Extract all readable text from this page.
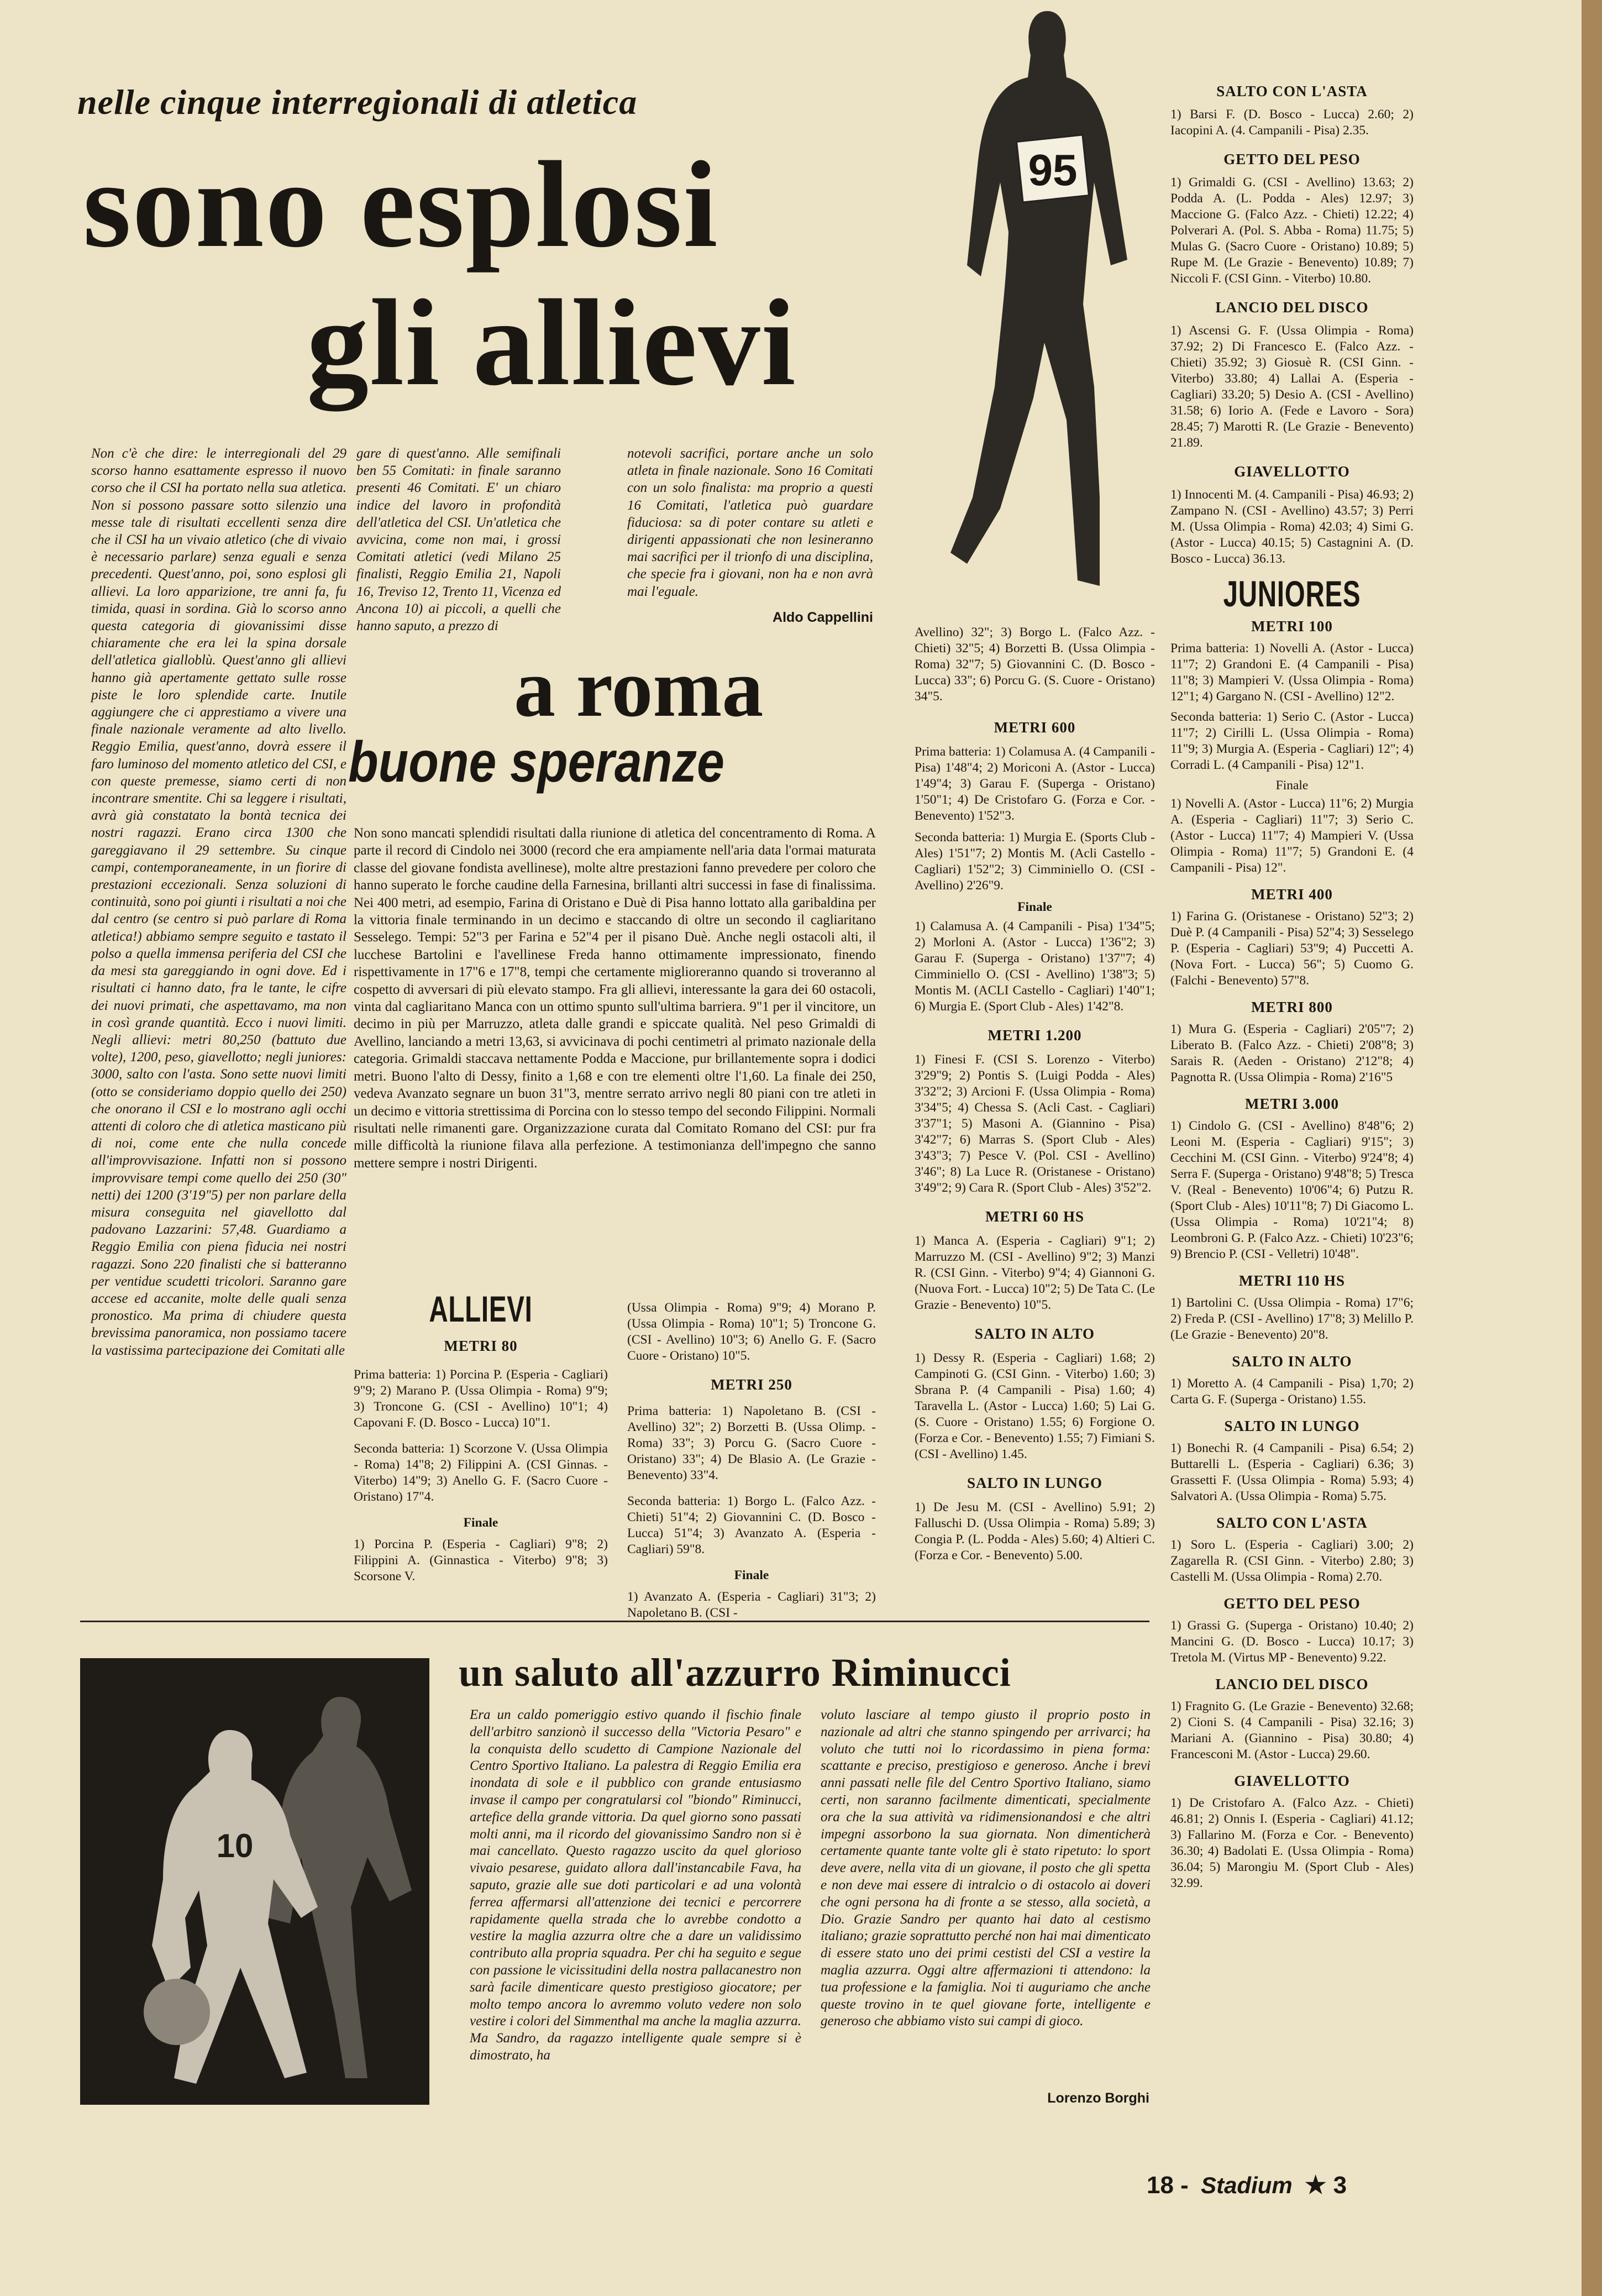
nelle cinque interregionali di atletica
sono esplosi
gli allievi
95

Non c'è che dire: le interregionali del 29 scorso hanno esattamente espresso il nuovo corso che il CSI ha portato nella sua atletica. Non si possono passare sotto silenzio una messe tale di risultati eccellenti senza dire che il CSI ha un vivaio atletico (che di vivaio è necessario parlare) senza eguali e senza precedenti. Quest'anno, poi, sono esplosi gli allievi. La loro apparizione, tre anni fa, fu timida, quasi in sordina. Già lo scorso anno questa categoria di giovanissimi disse chiaramente che era lei la spina dorsale dell'atletica gialloblù. Quest'anno gli allievi hanno già apertamente gettato sulle rosse piste le loro splendide carte. Inutile aggiungere che ci apprestiamo a vivere una finale nazionale veramente ad alto livello. Reggio Emilia, quest'anno, dovrà essere il faro luminoso del momento atletico del CSI, e con queste premesse, siamo certi di non incontrare smentite. Chi sa leggere i risultati, avrà già constatato la bontà tecnica dei nostri ragazzi. Erano circa 1300 che gareggiavano il 29 settembre. Su cinque campi, contemporaneamente, in un fiorire di prestazioni eccezionali. Senza soluzioni di continuità, sono poi giunti i risultati a noi che dal centro (se centro si può parlare di Roma atletica!) abbiamo sempre seguito e tastato il polso a quella immensa periferia del CSI che da mesi sta gareggiando in ogni dove. Ed i risultati ci hanno dato, fra le tante, le cifre dei nuovi primati, che aspettavamo, ma non in così grande quantità. Ecco i nuovi limiti. Negli allievi: metri 80,250 (battuto due volte), 1200, peso, giavellotto; negli juniores: 3000, salto con l'asta. Sono sette nuovi limiti (otto se consideriamo doppio quello dei 250) che onorano il CSI e lo mostrano agli occhi attenti di coloro che di atletica masticano più di noi, come ente che nulla concede all'improvvisazione. Infatti non si possono improvvisare tempi come quello dei 250 (30" netti) dei 1200 (3'19"5) per non parlare della misura conseguita nel giavellotto dal padovano Lazzarini: 57,48. Guardiamo a Reggio Emilia con piena fiducia nei nostri ragazzi. Sono 220 finalisti che si batteranno per ventidue scudetti tricolori. Saranno gare accese ed accanite, molte delle quali senza pronostico. Ma prima di chiudere questa brevissima panoramica, non possiamo tacere la vastissima partecipazione dei Comitati alle

gare di quest'anno. Alle semifinali ben 55 Comitati: in finale saranno presenti 46 Comitati. E' un chiaro indice del lavoro in profondità dell'atletica del CSI. Un'atletica che avvicina, come non mai, i grossi Comitati atletici (vedi Milano 25 finalisti, Reggio Emilia 21, Napoli 16, Treviso 12, Trento 11, Vicenza ed Ancona 10) ai piccoli, a quelli che hanno saputo, a prezzo di

notevoli sacrifici, portare anche un solo atleta in finale nazionale. Sono 16 Comitati con un solo finalista: ma proprio a questi 16 Comitati, l'atletica può guardare fiduciosa: sa di poter contare su atleti e dirigenti appassionati che non lesineranno mai sacrifici per il trionfo di una disciplina, che specie fra i giovani, non ha e non avrà mai l'eguale.

Aldo Cappellini
a roma
buone speranze

Non sono mancati splendidi risultati dalla riunione di atletica del concentramento di Roma. A parte il record di Cindolo nei 3000 (record che era ampiamente nell'aria data l'ormai maturata classe del giovane fondista avellinese), molte altre prestazioni fanno prevedere per coloro che hanno superato le forche caudine della Farnesina, brillanti altri successi in fase di finalissima. Nei 400 metri, ad esempio, Farina di Oristano e Duè di Pisa hanno lottato alla garibaldina per la vittoria finale terminando in un decimo e staccando di oltre un secondo il cagliaritano Sesselego. Tempi: 52"3 per Farina e 52"4 per il pisano Duè. Anche negli ostacoli alti, il lucchese Bartolini e l'avellinese Freda hanno ottimamente impressionato, finendo rispettivamente in 17"6 e 17"8, tempi che certamente miglioreranno quando si troveranno al cospetto di avversari di più elevato stampo. Fra gli allievi, interessante la gara dei 60 ostacoli, vinta dal cagliaritano Manca con un ottimo spunto sull'ultima barriera. 9"1 per il vincitore, un decimo in più per Marruzzo, atleta dalle grandi e spiccate qualità. Nel peso Grimaldi di Avellino, lanciando a metri 13,63, si avvicinava di pochi centimetri al primato nazionale della categoria. Grimaldi staccava nettamente Podda e Maccione, pur brillantemente sopra i dodici metri. Buono l'alto di Dessy, finito a 1,68 e con tre elementi oltre l'1,60. La finale dei 250, vedeva Avanzato segnare un buon 31"3, mentre serrato arrivo negli 80 piani con tre atleti in un decimo e vittoria strettissima di Porcina con lo stesso tempo del secondo Filippini. Normali risultati nelle rimanenti gare. Organizzazione curata dal Comitato Romano del CSI: pur fra mille difficoltà la riunione filava alla perfezione. A testimonianza dell'impegno che sanno mettere sempre i nostri Dirigenti.

ALLIEVI
METRI 80

Prima batteria: 1) Porcina P. (Esperia - Cagliari) 9"9; 2) Marano P. (Ussa Olimpia - Roma) 9"9; 3) Troncone G. (CSI - Avellino) 10"1; 4) Capovani F. (D. Bosco - Lucca) 10"1.

Seconda batteria: 1) Scorzone V. (Ussa Olimpia - Roma) 14"8; 2) Filippini A. (CSI Ginnas. - Viterbo) 14"9; 3) Anello G. F. (Sacro Cuore - Oristano) 17"4.

Finale

1) Porcina P. (Esperia - Cagliari) 9"8; 2) Filippini A. (Ginnastica - Viterbo) 9"8; 3) Scorsone V.

(Ussa Olimpia - Roma) 9"9; 4) Morano P. (Ussa Olimpia - Roma) 10"1; 5) Troncone G. (CSI - Avellino) 10"3; 6) Anello G. F. (Sacro Cuore - Oristano) 10"5.

METRI 250

Prima batteria: 1) Napoletano B. (CSI - Avellino) 32"; 2) Borzetti B. (Ussa Olimp. - Roma) 33"; 3) Porcu G. (Sacro Cuore - Oristano) 33"; 4) De Blasio A. (Le Grazie - Benevento) 33"4.

Seconda batteria: 1) Borgo L. (Falco Azz. - Chieti) 51"4; 2) Giovannini C. (D. Bosco - Lucca) 51"4; 3) Avanzato A. (Esperia - Cagliari) 59"8.

Finale

1) Avanzato A. (Esperia - Cagliari) 31"3; 2) Napoletano B. (CSI -

Avellino) 32"; 3) Borgo L. (Falco Azz. - Chieti) 32"5; 4) Borzetti B. (Ussa Olimpia - Roma) 32"7; 5) Giovannini C. (D. Bosco - Lucca) 33"; 6) Porcu G. (S. Cuore - Oristano) 34"5.

METRI 600

Prima batteria: 1) Colamusa A. (4 Campanili - Pisa) 1'48"4; 2) Moriconi A. (Astor - Lucca) 1'49"4; 3) Garau F. (Superga - Oristano) 1'50"1; 4) De Cristofaro G. (Forza e Cor. - Benevento) 1'52"3.

Seconda batteria: 1) Murgia E. (Sports Club - Ales) 1'51"7; 2) Montis M. (Acli Castello - Cagliari) 1'52"2; 3) Cimminiello O. (CSI - Avellino) 2'26"9.

Finale

1) Calamusa A. (4 Campanili - Pisa) 1'34"5; 2) Morloni A. (Astor - Lucca) 1'36"2; 3) Garau F. (Superga - Oristano) 1'37"7; 4) Cimminiello O. (CSI - Avellino) 1'38"3; 5) Montis M. (ACLI Castello - Cagliari) 1'40"1; 6) Murgia E. (Sport Club - Ales) 1'42"8.

METRI 1.200

1) Finesi F. (CSI S. Lorenzo - Viterbo) 3'29"9; 2) Pontis S. (Luigi Podda - Ales) 3'32"2; 3) Arcioni F. (Ussa Olimpia - Roma) 3'34"5; 4) Chessa S. (Acli Cast. - Cagliari) 3'37"1; 5) Masoni A. (Giannino - Pisa) 3'42"7; 6) Marras S. (Sport Club - Ales) 3'43"3; 7) Pesce V. (Pol. CSI - Avellino) 3'46"; 8) La Luce R. (Oristanese - Oristano) 3'49"2; 9) Cara R. (Sport Club - Ales) 3'52"2.

METRI 60 HS

1) Manca A. (Esperia - Cagliari) 9"1; 2) Marruzzo M. (CSI - Avellino) 9"2; 3) Manzi R. (CSI Ginn. - Viterbo) 9"4; 4) Giannoni G. (Nuova Fort. - Lucca) 10"2; 5) De Tata C. (Le Grazie - Benevento) 10"5.

SALTO IN ALTO

1) Dessy R. (Esperia - Cagliari) 1.68; 2) Campinoti G. (CSI Ginn. - Viterbo) 1.60; 3) Sbrana P. (4 Campanili - Pisa) 1.60; 4) Taravella L. (Astor - Lucca) 1.60; 5) Lai G. (S. Cuore - Oristano) 1.55; 6) Forgione O. (Forza e Cor. - Benevento) 1.55; 7) Fimiani S. (CSI - Avellino) 1.45.

SALTO IN LUNGO

1) De Jesu M. (CSI - Avellino) 5.91; 2) Falluschi D. (Ussa Olimpia - Roma) 5.89; 3) Congia P. (L. Podda - Ales) 5.60; 4) Altieri C. (Forza e Cor. - Benevento) 5.00.

SALTO CON L'ASTA

1) Barsi F. (D. Bosco - Lucca) 2.60; 2) Iacopini A. (4. Campanili - Pisa) 2.35.

GETTO DEL PESO

1) Grimaldi G. (CSI - Avellino) 13.63; 2) Podda A. (L. Podda - Ales) 12.97; 3) Maccione G. (Falco Azz. - Chieti) 12.22; 4) Polverari A. (Pol. S. Abba - Roma) 11.75; 5) Mulas G. (Sacro Cuore - Oristano) 10.89; 5) Rupe M. (Le Grazie - Benevento) 10.89; 7) Niccoli F. (CSI Ginn. - Viterbo) 10.80.

LANCIO DEL DISCO

1) Ascensi G. F. (Ussa Olimpia - Roma) 37.92; 2) Di Francesco E. (Falco Azz. - Chieti) 35.92; 3) Giosuè R. (CSI Ginn. - Viterbo) 33.80; 4) Lallai A. (Esperia - Cagliari) 33.20; 5) Desio A. (CSI - Avellino) 31.58; 6) Iorio A. (Fede e Lavoro - Sora) 28.45; 7) Marotti R. (Le Grazie - Benevento) 21.89.

GIAVELLOTTO

1) Innocenti M. (4. Campanili - Pisa) 46.93; 2) Zampano N. (CSI - Avellino) 43.57; 3) Perri M. (Ussa Olimpia - Roma) 42.03; 4) Simi G. (Astor - Lucca) 40.15; 5) Castagnini A. (D. Bosco - Lucca) 36.13.

JUNIORES
METRI 100

Prima batteria: 1) Novelli A. (Astor - Lucca) 11"7; 2) Grandoni E. (4 Campanili - Pisa) 11"8; 3) Mampieri V. (Ussa Olimpia - Roma) 12"1; 4) Gargano N. (CSI - Avellino) 12"2.

Seconda batteria: 1) Serio C. (Astor - Lucca) 11"7; 2) Cirilli L. (Ussa Olimpia - Roma) 11"9; 3) Murgia A. (Esperia - Cagliari) 12"; 4) Corradi L. (4 Campanili - Pisa) 12"1.

Finale

1) Novelli A. (Astor - Lucca) 11"6; 2) Murgia A. (Esperia - Cagliari) 11"7; 3) Serio C. (Astor - Lucca) 11"7; 4) Mampieri V. (Ussa Olimpia - Roma) 11"7; 5) Grandoni E. (4 Campanili - Pisa) 12".

METRI 400

1) Farina G. (Oristanese - Oristano) 52"3; 2) Duè P. (4 Campanili - Pisa) 52"4; 3) Sesselego P. (Esperia - Cagliari) 53"9; 4) Puccetti A. (Nova Fort. - Lucca) 56"; 5) Cuomo G. (Falchi - Benevento) 57"8.

METRI 800

1) Mura G. (Esperia - Cagliari) 2'05"7; 2) Liberato B. (Falco Azz. - Chieti) 2'08"8; 3) Sarais R. (Aeden - Oristano) 2'12"8; 4) Pagnotta R. (Ussa Olimpia - Roma) 2'16"5

METRI 3.000

1) Cindolo G. (CSI - Avellino) 8'48"6; 2) Leoni M. (Esperia - Cagliari) 9'15"; 3) Cecchini M. (CSI Ginn. - Viterbo) 9'24"8; 4) Serra F. (Superga - Oristano) 9'48"8; 5) Tresca V. (Real - Benevento) 10'06"4; 6) Putzu R. (Sport Club - Ales) 10'11"8; 7) Di Giacomo L. (Ussa Olimpia - Roma) 10'21"4; 8) Leombroni G. P. (Falco Azz. - Chieti) 10'23"6; 9) Brencio P. (CSI - Velletri) 10'48".

METRI 110 HS

1) Bartolini C. (Ussa Olimpia - Roma) 17"6; 2) Freda P. (CSI - Avellino) 17"8; 3) Melillo P. (Le Grazie - Benevento) 20"8.

SALTO IN ALTO

1) Moretto A. (4 Campanili - Pisa) 1,70; 2) Carta G. F. (Superga - Oristano) 1.55.

SALTO IN LUNGO

1) Bonechi R. (4 Campanili - Pisa) 6.54; 2) Buttarelli L. (Esperia - Cagliari) 6.36; 3) Grassetti F. (Ussa Olimpia - Roma) 5.93; 4) Salvatori A. (Ussa Olimpia - Roma) 5.75.

SALTO CON L'ASTA

1) Soro L. (Esperia - Cagliari) 3.00; 2) Zagarella R. (CSI Ginn. - Viterbo) 2.80; 3) Castelli M. (Ussa Olimpia - Roma) 2.70.

GETTO DEL PESO

1) Grassi G. (Superga - Oristano) 10.40; 2) Mancini G. (D. Bosco - Lucca) 10.17; 3) Tretola M. (Virtus MP - Benevento) 9.22.

LANCIO DEL DISCO

1) Fragnito G. (Le Grazie - Benevento) 32.68; 2) Cioni S. (4 Campanili - Pisa) 32.16; 3) Mariani A. (Giannino - Pisa) 30.80; 4) Francesconi M. (Astor - Lucca) 29.60.

GIAVELLOTTO

1) De Cristofaro A. (Falco Azz. - Chieti) 46.81; 2) Onnis I. (Esperia - Cagliari) 41.12; 3) Fallarino M. (Forza e Cor. - Benevento) 36.30; 4) Badolati E. (Ussa Olimpia - Roma) 36.04; 5) Marongiu M. (Sport Club - Ales) 32.99.

10
un saluto all'azzurro Riminucci

Era un caldo pomeriggio estivo quando il fischio finale dell'arbitro sanzionò il successo della "Victoria Pesaro" e la conquista dello scudetto di Campione Nazionale del Centro Sportivo Italiano. La palestra di Reggio Emilia era inondata di sole e il pubblico con grande entusiasmo invase il campo per congratularsi col "biondo" Riminucci, artefice della grande vittoria. Da quel giorno sono passati molti anni, ma il ricordo del giovanissimo Sandro non si è mai cancellato. Questo ragazzo uscito da quel glorioso vivaio pesarese, guidato allora dall'instancabile Fava, ha saputo, grazie alle sue doti particolari e ad una volontà ferrea affermarsi all'attenzione dei tecnici e percorrere rapidamente quella strada che lo avrebbe condotto a vestire la maglia azzurra oltre che a dare un validissimo contributo alla propria squadra. Per chi ha seguito e segue con passione le vicissitudini della nostra pallacanestro non sarà facile dimenticare questo prestigioso giocatore; per molto tempo ancora lo avremmo voluto vedere non solo vestire i colori del Simmenthal ma anche la maglia azzurra. Ma Sandro, da ragazzo intelligente quale sempre si è dimostrato, ha

voluto lasciare al tempo giusto il proprio posto in nazionale ad altri che stanno spingendo per arrivarci; ha voluto che tutti noi lo ricordassimo in piena forma: scattante e preciso, prestigioso e generoso. Anche i brevi anni passati nelle file del Centro Sportivo Italiano, siamo certi, non saranno facilmente dimenticati, specialmente ora che la sua attività va ridimensionandosi e che altri impegni assorbono la sua giornata. Non dimenticherà certamente quante tante volte gli è stato ripetuto: lo sport deve avere, nella vita di un giovane, il posto che gli spetta e non deve mai essere di intralcio o di ostacolo ai doveri che ogni persona ha di fronte a se stesso, alla società, a Dio. Grazie Sandro per quanto hai dato al cestismo italiano; grazie soprattutto perché non hai mai dimenticato di essere stato uno dei primi cestisti del CSI a vestire la maglia azzurra. Oggi altre affermazioni ti attendono: la tua professione e la famiglia. Noi ti auguriamo che anche queste trovino in te quel giovane forte, intelligente e generoso che abbiamo visto sui campi di gioco.

Lorenzo Borghi
18 - Stadium ★ 3
